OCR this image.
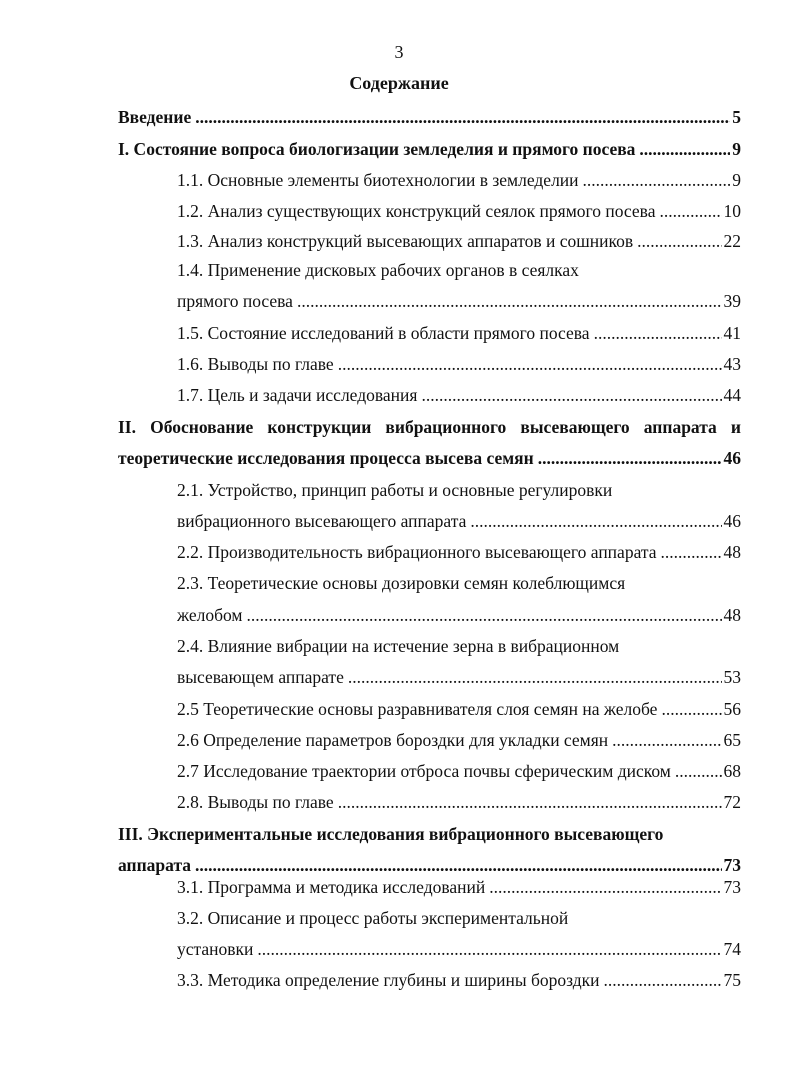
3
Содержание
Введение .....	5
I. Состояние вопроса биологизации земледелия и прямого посева .....	9
1.1. Основные элементы биотехнологии в земледелии .....	9
1.2. Анализ существующих конструкций сеялок прямого посева .....	10
1.3. Анализ конструкций высевающих аппаратов и сошников .....	22
1.4. Применение дисковых рабочих органов в сеялках
прямого посева .....	39
1.5. Состояние исследований в области прямого посева .....	41
1.6. Выводы по главе .....	43
1.7. Цель и задачи исследования .....	44
II. Обоснование конструкции вибрационного высевающего аппарата и
теоретические исследования процесса высева семян .....	46
2.1. Устройство, принцип работы и основные регулировки
вибрационного высевающего аппарата .....	46
2.2. Производительность вибрационного высевающего аппарата .....	48
2.3. Теоретические основы дозировки семян колеблющимся
желобом .....	48
2.4. Влияние вибрации на истечение зерна в вибрационном
высевающем аппарате .....	53
2.5 Теоретические основы разравнивателя слоя семян на желобе .....	56
2.6 Определение параметров бороздки для укладки семян .....	65
2.7 Исследование траектории отброса почвы сферическим диском .....	68
2.8. Выводы по главе .....	72
III. Экспериментальные исследования вибрационного высевающего
аппарата .....	73
3.1. Программа и методика исследований .....	73
3.2. Описание и процесс работы экспериментальной
установки .....	74
3.3. Методика определение глубины и ширины бороздки .....	75
